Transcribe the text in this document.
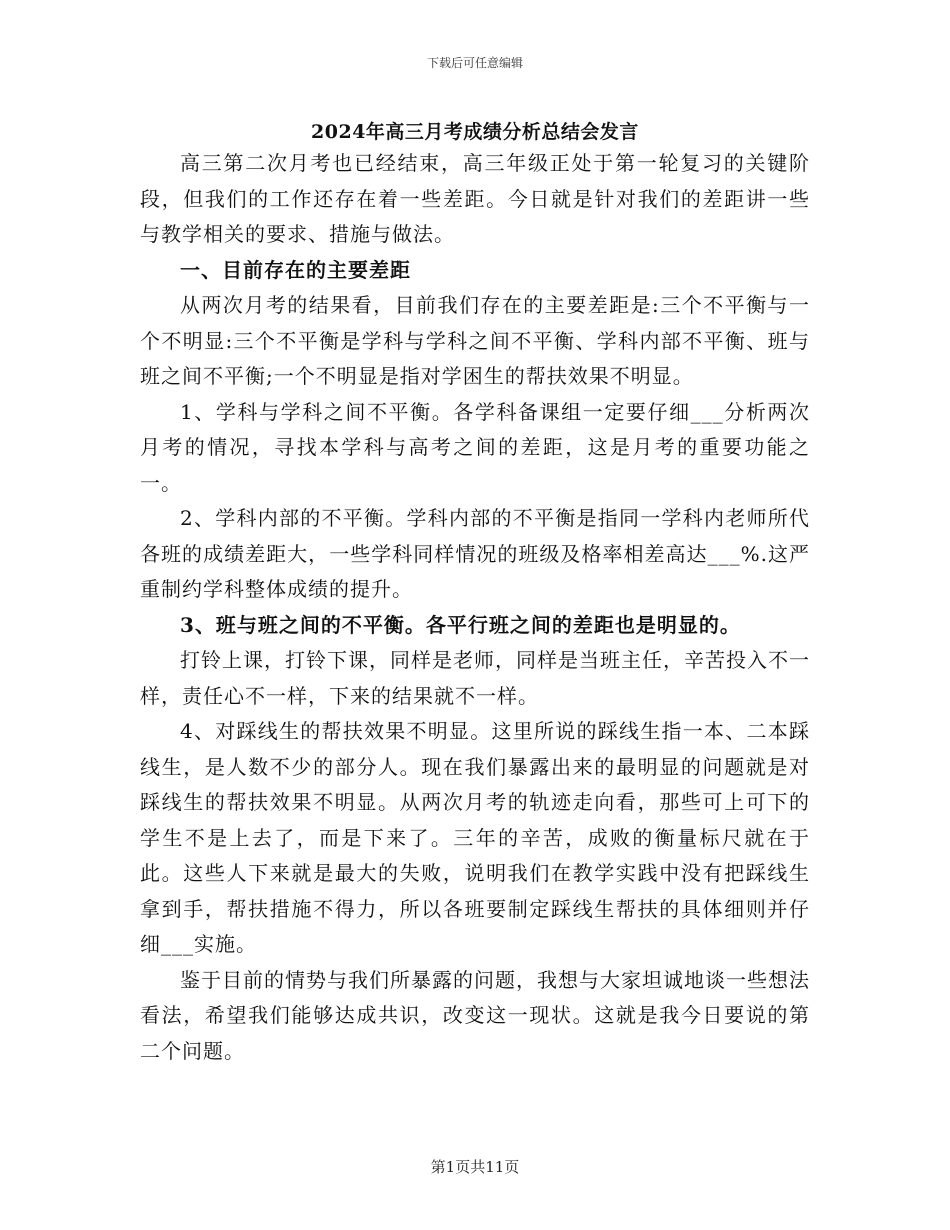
下载后可任意编辑
2024年高三月考成绩分析总结会发言

高三第二次月考也已经结束，高三年级正处于第一轮复习的关键阶段，但我们的工作还存在着一些差距。今日就是针对我们的差距讲一些与教学相关的要求、措施与做法。

一、目前存在的主要差距

从两次月考的结果看，目前我们存在的主要差距是:三个不平衡与一个不明显:三个不平衡是学科与学科之间不平衡、学科内部不平衡、班与班之间不平衡;一个不明显是指对学困生的帮扶效果不明显。

1、学科与学科之间不平衡。各学科备课组一定要仔细___分析两次月考的情况，寻找本学科与高考之间的差距，这是月考的重要功能之一。

2、学科内部的不平衡。学科内部的不平衡是指同一学科内老师所代各班的成绩差距大，一些学科同样情况的班级及格率相差高达___%.这严重制约学科整体成绩的提升。

3、班与班之间的不平衡。各平行班之间的差距也是明显的。

打铃上课，打铃下课，同样是老师，同样是当班主任，辛苦投入不一样，责任心不一样，下来的结果就不一样。

4、对踩线生的帮扶效果不明显。这里所说的踩线生指一本、二本踩线生，是人数不少的部分人。现在我们暴露出来的最明显的问题就是对踩线生的帮扶效果不明显。从两次月考的轨迹走向看，那些可上可下的学生不是上去了，而是下来了。三年的辛苦，成败的衡量标尺就在于此。这些人下来就是最大的失败，说明我们在教学实践中没有把踩线生拿到手，帮扶措施不得力，所以各班要制定踩线生帮扶的具体细则并仔细___实施。

鉴于目前的情势与我们所暴露的问题，我想与大家坦诚地谈一些想法看法，希望我们能够达成共识，改变这一现状。这就是我今日要说的第二个问题。

第1页共11页
